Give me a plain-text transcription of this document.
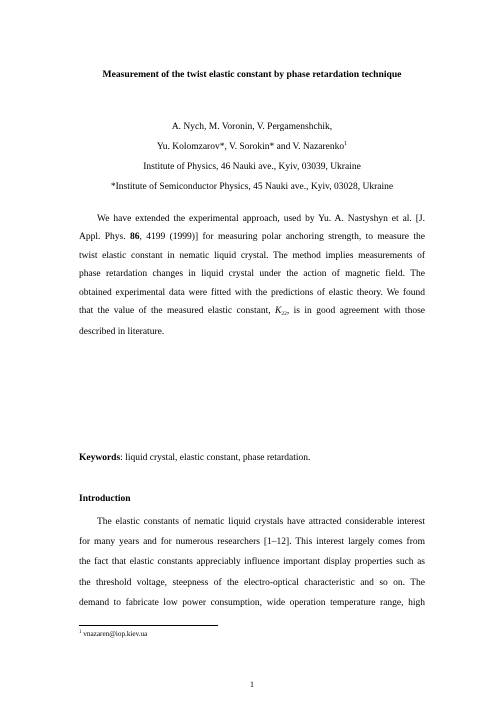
Measurement of the twist elastic constant by phase retardation technique
A. Nych, M. Voronin, V. Pergamenshchik,
Yu. Kolomzarov*, V. Sorokin* and V. Nazarenko$^1$
Institute of Physics, 46 Nauki ave., Kyiv, 03039, Ukraine
*Institute of Semiconductor Physics, 45 Nauki ave., Kyiv, 03028, Ukraine
We have extended the experimental approach, used by Yu. A. Nastyshyn et al. [J.
Appl. Phys. 86, 4199 (1999)] for measuring polar anchoring strength, to measure the
twist elastic constant in nematic liquid crystal. The method implies measurements of
phase retardation changes in liquid crystal under the action of magnetic field. The
obtained experimental data were fitted with the predictions of elastic theory. We found
that the value of the measured elastic constant, $K_{22}$, is in good agreement with those
described in literature.
Keywords: liquid crystal, elastic constant, phase retardation.
Introduction
The elastic constants of nematic liquid crystals have attracted considerable interest
for many years and for numerous researchers [1–12]. This interest largely comes from
the fact that elastic constants appreciably influence important display properties such as
the threshold voltage, steepness of the electro-optical characteristic and so on. The
demand to fabricate low power consumption, wide operation temperature range, high
$^1$ vnazaren@iop.kiev.ua
1
